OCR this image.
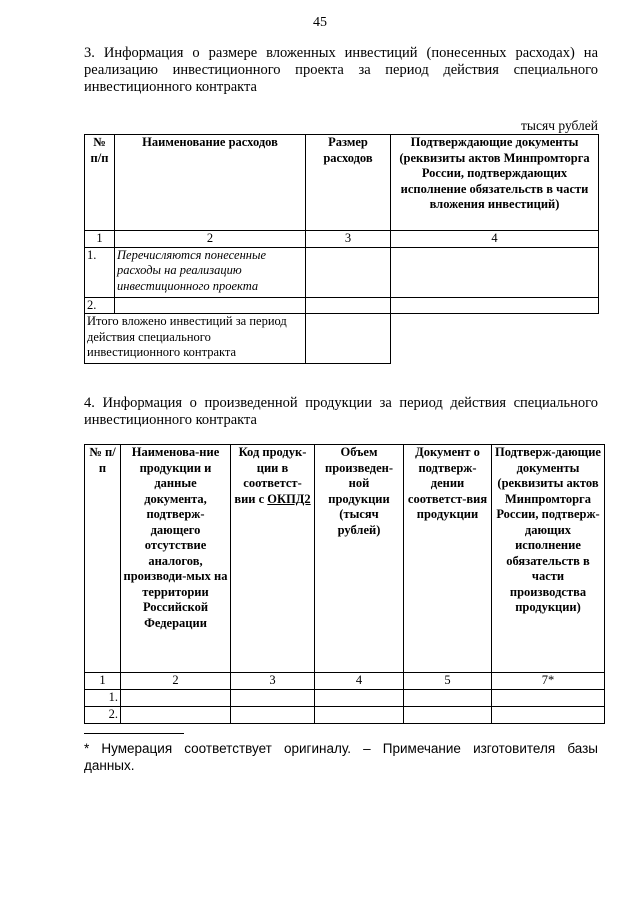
45
3. Информация о размере вложенных инвестиций (понесенных расходах) на
реализацию инвестиционного проекта за период действия специального
инвестиционного контракта
тысяч рублей
№ п/п	Наименование расходов	Размер расходов	Подтверждающие документы (реквизиты актов Минпромторга России, подтверждающих исполнение обязательств в части вложения инвестиций)
1	2	3	4
1.	Перечисляются понесенные расходы на реализацию инвестиционного проекта		
2.			
Итого вложено инвестиций за период действия специального инвестиционного контракта			
4. Информация о произведенной продукции за период действия специального
инвестиционного контракта
№ п/п	Наименова-ние продукции и данные документа, подтверж-дающего отсутствие аналогов, производи-мых на территории Российской Федерации	Код продук-ции в соответст-вии с ОКПД2	Объем произведен-ной продукции (тысяч рублей)	Документ о подтверж-дении соответст-вия продукции	Подтверж-дающие документы (реквизиты актов Минпромторга России, подтверж-дающих исполнение обязательств в части производства продукции)
1	2	3	4	5	7*
1.					
2.					
* Нумерация соответствует оригиналу. – Примечание изготовителя базы
данных.
